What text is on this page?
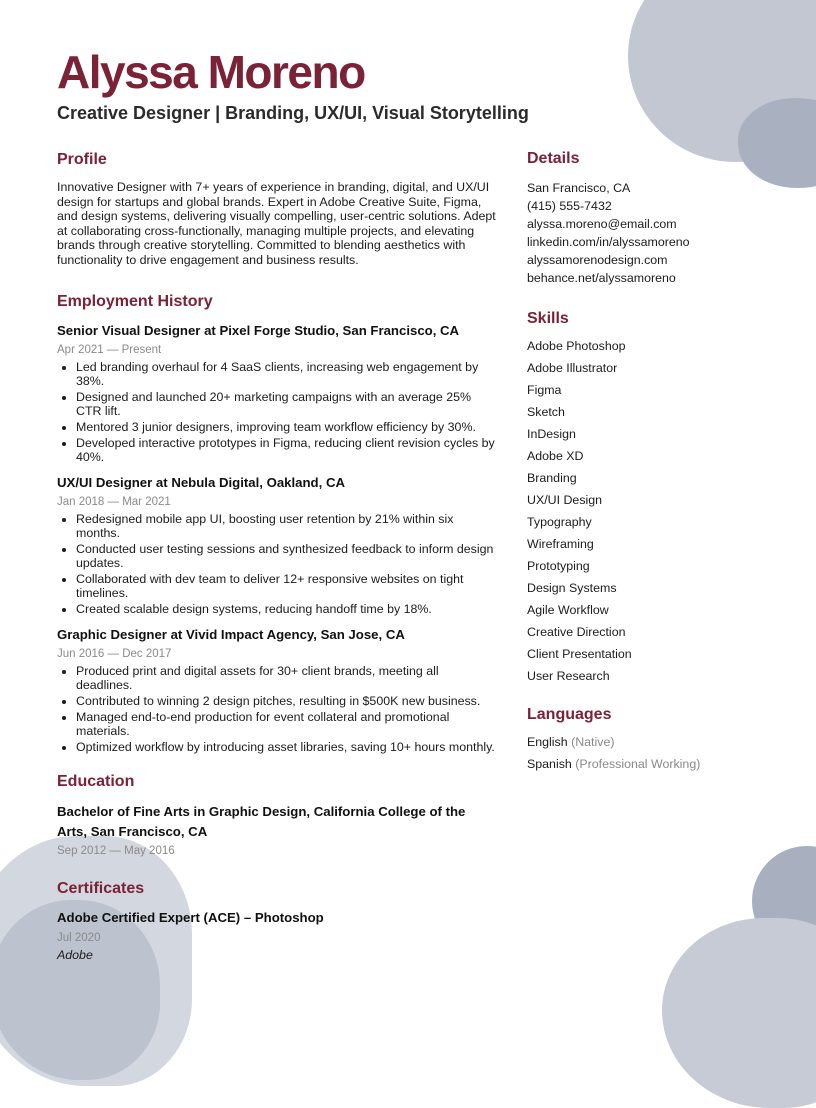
Alyssa Moreno
Creative Designer | Branding, UX/UI, Visual Storytelling
Profile

Innovative Designer with 7+ years of experience in branding, digital, and UX/UI design for startups and global brands. Expert in Adobe Creative Suite, Figma, and design systems, delivering visually compelling, user-centric solutions. Adept at collaborating cross-functionally, managing multiple projects, and elevating brands through creative storytelling. Committed to blending aesthetics with functionality to drive engagement and business results.

Employment History

Senior Visual Designer at Pixel Forge Studio, San Francisco, CA

Apr 2021 — Present

• Led branding overhaul for 4 SaaS clients, increasing web engagement by 38%.
• Designed and launched 20+ marketing campaigns with an average 25% CTR lift.
• Mentored 3 junior designers, improving team workflow efficiency by 30%.
• Developed interactive prototypes in Figma, reducing client revision cycles by 40%.

UX/UI Designer at Nebula Digital, Oakland, CA

Jan 2018 — Mar 2021

• Redesigned mobile app UI, boosting user retention by 21% within six months.
• Conducted user testing sessions and synthesized feedback to inform design updates.
• Collaborated with dev team to deliver 12+ responsive websites on tight timelines.
• Created scalable design systems, reducing handoff time by 18%.

Graphic Designer at Vivid Impact Agency, San Jose, CA

Jun 2016 — Dec 2017

• Produced print and digital assets for 30+ client brands, meeting all deadlines.
• Contributed to winning 2 design pitches, resulting in $500K new business.
• Managed end-to-end production for event collateral and promotional materials.
• Optimized workflow by introducing asset libraries, saving 10+ hours monthly.
Education

Bachelor of Fine Arts in Graphic Design, California College of the Arts, San Francisco, CA

Sep 2012 — May 2016

Certificates

Adobe Certified Expert (ACE) – Photoshop

Jul 2020

Adobe
Details
San Francisco, CA
(415) 555-7432
alyssa.moreno@email.com
linkedin.com/in/alyssamoreno
alyssamorenodesign.com
behance.net/alyssamoreno
Skills
Adobe Photoshop
Adobe Illustrator
Figma
Sketch
InDesign
Adobe XD
Branding
UX/UI Design
Typography
Wireframing
Prototyping
Design Systems
Agile Workflow
Creative Direction
Client Presentation
User Research
Languages
English (Native)
Spanish (Professional Working)
